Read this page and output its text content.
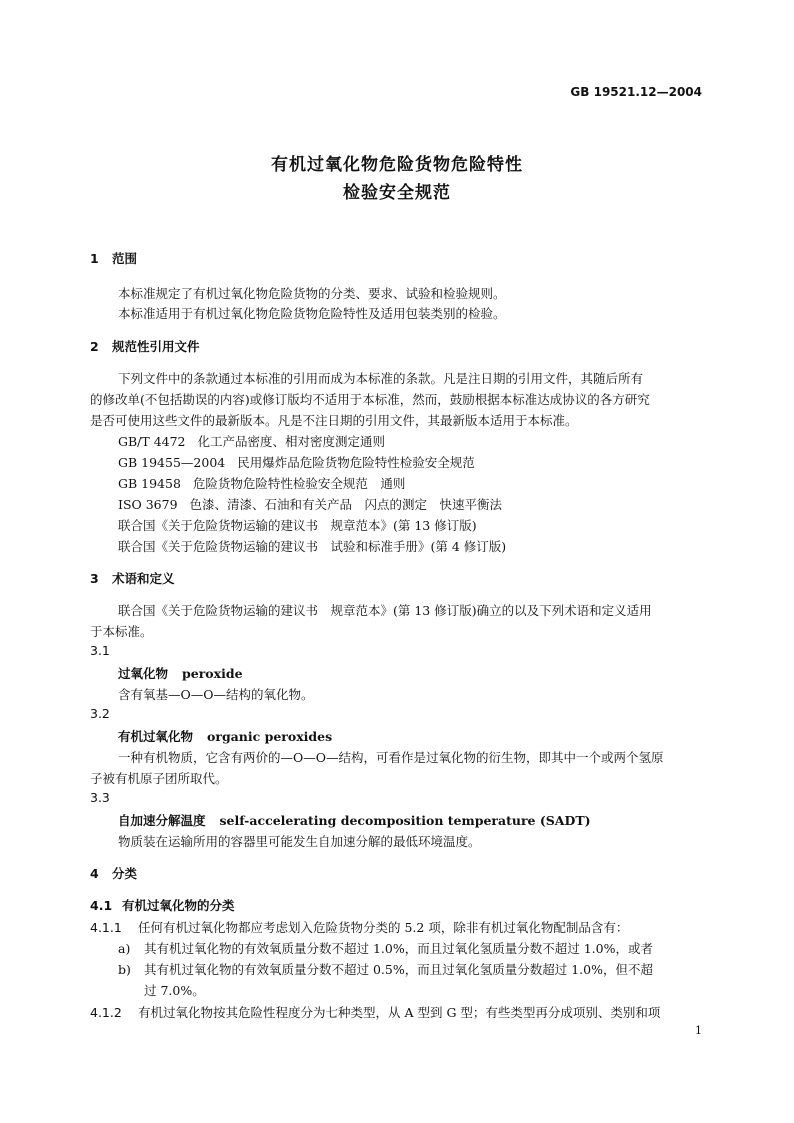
GB 19521.12—2004
有机过氧化物危险货物危险特性
检验安全规范
1 范围
本标准规定了有机过氧化物危险货物的分类、要求、试验和检验规则。
本标准适用于有机过氧化物危险货物危险特性及适用包装类别的检验。
2 规范性引用文件
下列文件中的条款通过本标准的引用而成为本标准的条款。凡是注日期的引用文件，其随后所有
的修改单(不包括勘误的内容)或修订版均不适用于本标准，然而，鼓励根据本标准达成协议的各方研究
是否可使用这些文件的最新版本。凡是不注日期的引用文件，其最新版本适用于本标准。
GB/T 4472 化工产品密度、相对密度测定通则
GB 19455—2004 民用爆炸品危险货物危险特性检验安全规范
GB 19458 危险货物危险特性检验安全规范　通则
ISO 3679 色漆、清漆、石油和有关产品　闪点的测定　快速平衡法
联合国《关于危险货物运输的建议书　规章范本》(第 13 修订版)
联合国《关于危险货物运输的建议书　试验和标准手册》(第 4 修订版)
3 术语和定义
联合国《关于危险货物运输的建议书　规章范本》(第 13 修订版)确立的以及下列术语和定义适用
于本标准。
3.1
过氧化物 peroxide
含有氧基—O—O—结构的氧化物。
3.2
有机过氧化物 organic peroxides
一种有机物质，它含有两价的—O—O—结构，可看作是过氧化物的衍生物，即其中一个或两个氢原
子被有机原子团所取代。
3.3
自加速分解温度 self-accelerating decomposition temperature (SADT)
物质装在运输所用的容器里可能发生自加速分解的最低环境温度。
4 分类
4.1 有机过氧化物的分类
4.1.1 任何有机过氧化物都应考虑划入危险货物分类的 5.2 项，除非有机过氧化物配制品含有：
a) 其有机过氧化物的有效氧质量分数不超过 1.0%，而且过氧化氢质量分数不超过 1.0%，或者
b) 其有机过氧化物的有效氧质量分数不超过 0.5%，而且过氧化氢质量分数超过 1.0%，但不超
过 7.0%。
4.1.2 有机过氧化物按其危险性程度分为七种类型，从 A 型到 G 型；有些类型再分成项别、类别和项
1
